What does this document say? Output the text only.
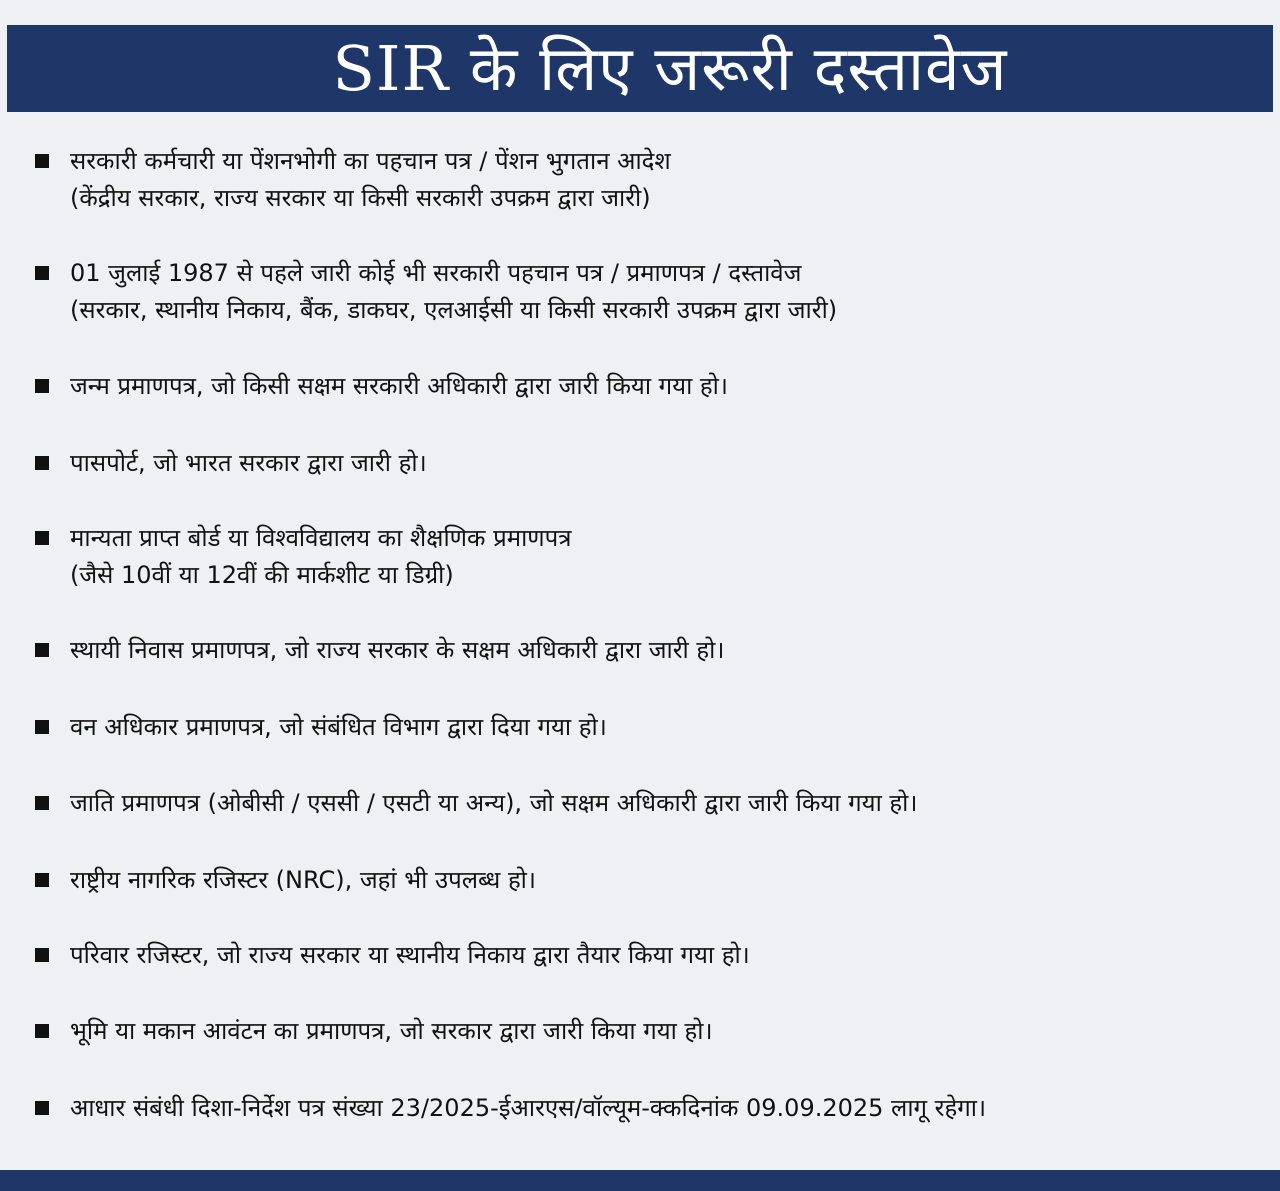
SIR के लिए जरूरी दस्तावेज
सरकारी कर्मचारी या पेंशनभोगी का पहचान पत्र / पेंशन भुगतान आदेश
(केंद्रीय सरकार, राज्य सरकार या किसी सरकारी उपक्रम द्वारा जारी)
01 जुलाई 1987 से पहले जारी कोई भी सरकारी पहचान पत्र / प्रमाणपत्र / दस्तावेज
(सरकार, स्थानीय निकाय, बैंक, डाकघर, एलआईसी या किसी सरकारी उपक्रम द्वारा जारी)
जन्म प्रमाणपत्र, जो किसी सक्षम सरकारी अधिकारी द्वारा जारी किया गया हो।
पासपोर्ट, जो भारत सरकार द्वारा जारी हो।
मान्यता प्राप्त बोर्ड या विश्वविद्यालय का शैक्षणिक प्रमाणपत्र
(जैसे 10वीं या 12वीं की मार्कशीट या डिग्री)
स्थायी निवास प्रमाणपत्र, जो राज्य सरकार के सक्षम अधिकारी द्वारा जारी हो।
वन अधिकार प्रमाणपत्र, जो संबंधित विभाग द्वारा दिया गया हो।
जाति प्रमाणपत्र (ओबीसी / एससी / एसटी या अन्य), जो सक्षम अधिकारी द्वारा जारी किया गया हो।
राष्ट्रीय नागरिक रजिस्टर (NRC), जहां भी उपलब्ध हो।
परिवार रजिस्टर, जो राज्य सरकार या स्थानीय निकाय द्वारा तैयार किया गया हो।
भूमि या मकान आवंटन का प्रमाणपत्र, जो सरकार द्वारा जारी किया गया हो।
आधार संबंधी दिशा-निर्देश पत्र संख्या 23/2025-ईआरएस/वॉल्यूम-क्कदिनांक 09.09.2025 लागू रहेगा।
